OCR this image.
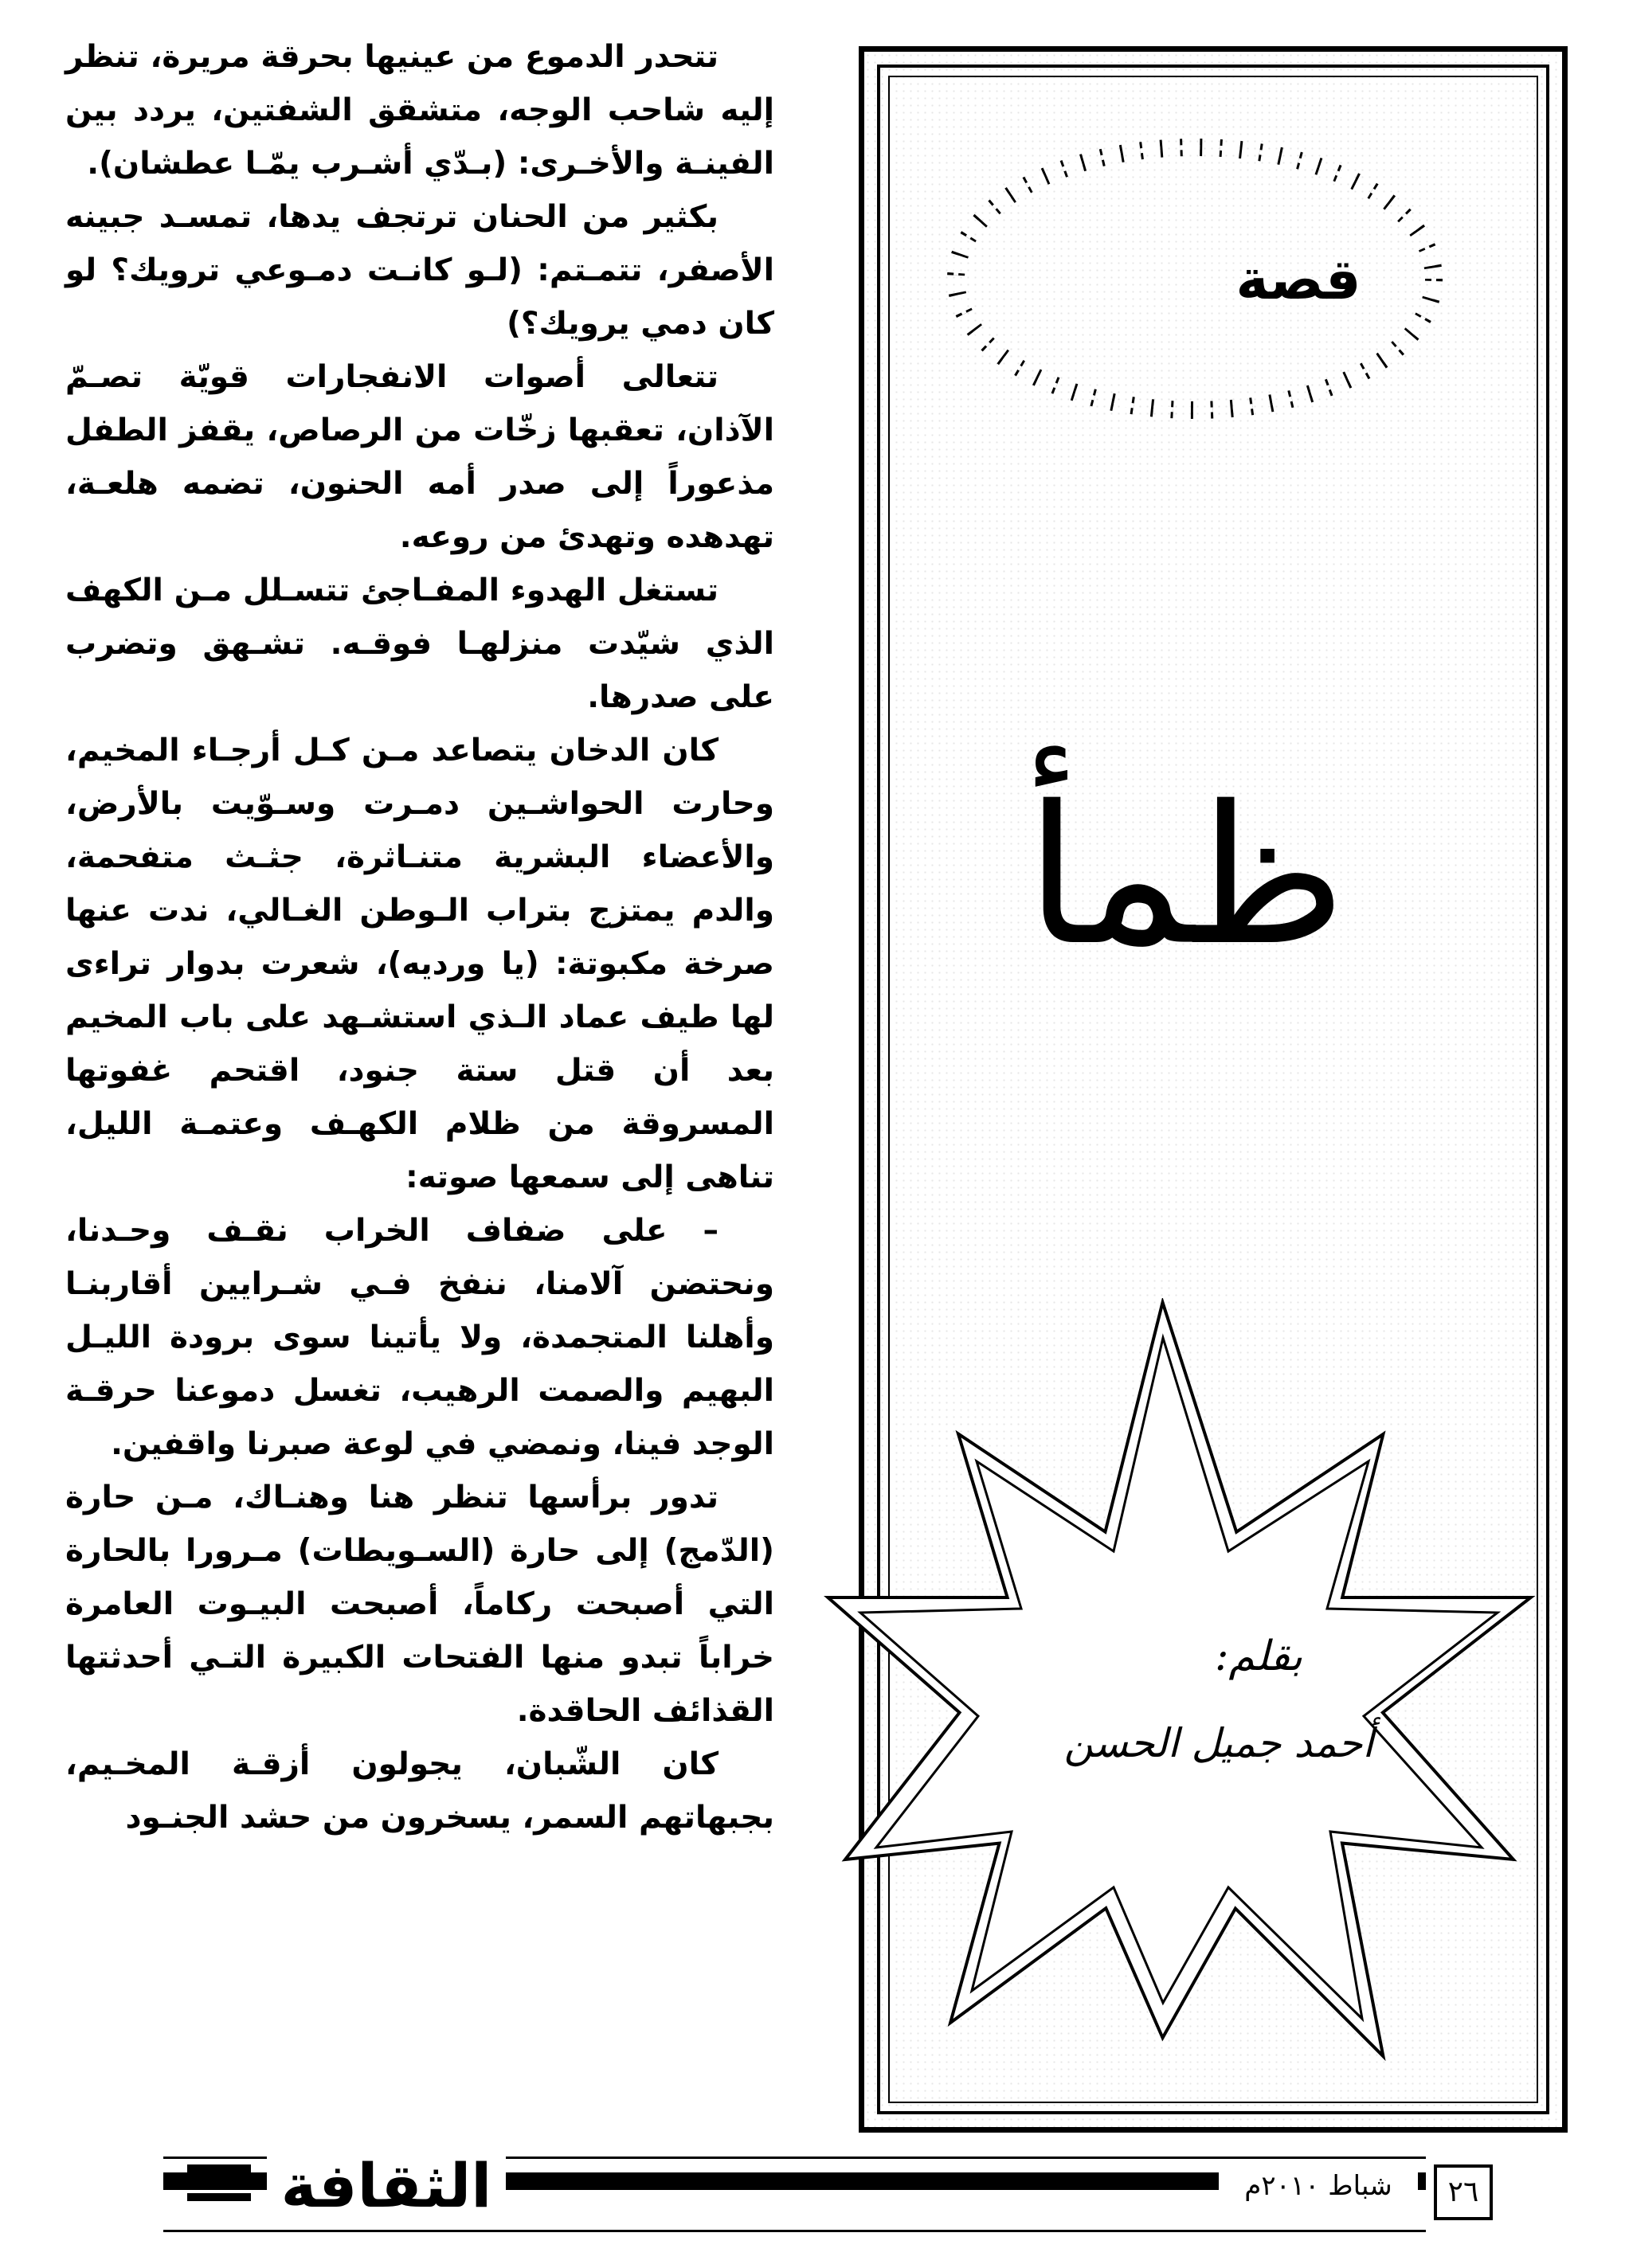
تتحدر الدموع من عينيها بحرقة مريرة، تنظر إليه شاحب الوجه، متشقق الشفتين، يردد بين الفينـة والأخـرى: (بـدّي أشـرب يمّـا عطشان).

بكثير من الحنان ترتجف يدها، تمسـد جبينه الأصفر، تتمـتم: (لـو كانـت دمـوعي ترويك؟ لو كان دمي يرويك؟)

تتعالى أصوات الانفجارات قويّة تصـمّ الآذان، تعقبها زخّات من الرصاص، يقفز الطفل مذعوراً إلى صدر أمه الحنون، تضمه هلعـة، تهدهده وتهدئ من روعه.

تستغل الهدوء المفـاجئ تتسـلل مـن الكهف الذي شيّدت منزلهـا فوقـه. تشـهق وتضرب على صدرها.

كان الدخان يتصاعد مـن كـل أرجـاء المخيم، وحارت الحواشـين دمـرت وسـوّيت بالأرض، والأعضاء البشرية متنـاثرة، جثـث متفحمة، والدم يمتزج بتراب الـوطن الغـالي، ندت عنها صرخة مكبوتة: (يا ورديه)، شعرت بدوار تراءى لها طيف عماد الـذي استشـهد على باب المخيم بعد أن قتل ستة جنود، اقتحم غفوتها المسروقة من ظلام الكهـف وعتمـة الليل، تناهى إلى سمعها صوته:

– على ضفاف الخراب نقـف وحـدنا، ونحتضن آلامنا، ننفخ فـي شـرايين أقاربنـا وأهلنا المتجمدة، ولا يأتينا سوى برودة الليـل البهيم والصمت الرهيب، تغسل دموعنا حرقـة الوجد فينا، ونمضي في لوعة صبرنا واقفين.

تدور برأسها تنظر هنا وهنـاك، مـن حارة (الدّمج) إلى حارة (السـويطات) مـرورا بالحارة التي أصبحت ركاماً، أصبحت البيـوت العامرة خراباً تبدو منها الفتحات الكبيرة التـي أحدثتها القذائف الحاقدة.

كان الشّبان، يجولون أزقـة المخـيم، بجبهاتهم السمر، يسخرون من حشد الجنـود

قصة
ظمأ
بقلم:
أحمد جميل الحسن
الثقافة	شباط ٢٠١٠م	٢٦
